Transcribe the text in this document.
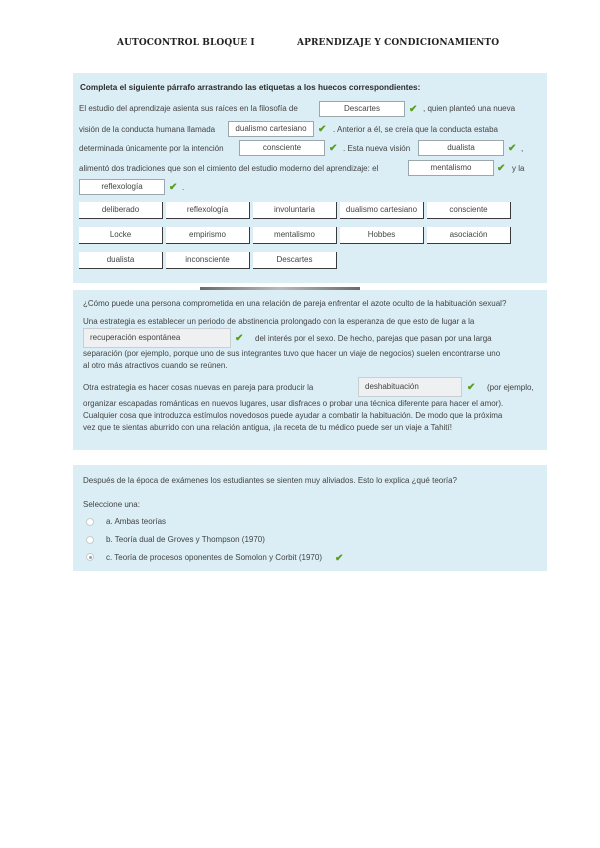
AUTOCONTROL BLOQUE I	APRENDIZAJE Y CONDICIONAMIENTO
Completa el siguiente párrafo arrastrando las etiquetas a los huecos correspondientes:
El estudio del aprendizaje asienta sus raíces en la filosofía de	Descartes	✔ , quien planteó una nueva
visión de la conducta humana llamada	dualismo cartesiano	✔ . Anterior a él, se creía que la conducta estaba
determinada únicamente por la intención	consciente	✔ . Esta nueva visión	dualista	✔ ,
alimentó dos tradiciones que son el cimiento del estudio moderno del aprendizaje: el	mentalismo	✔ y la
reflexología	✔ .
deliberado	reflexología	involuntaria	dualismo cartesiano	consciente
Locke	empirismo	mentalismo	Hobbes	asociación
dualista	inconsciente	Descartes
¿Cómo puede una persona comprometida en una relación de pareja enfrentar el azote oculto de la habituación sexual?
Una estrategia es establecer un periodo de abstinencia prolongado con la esperanza de que esto de lugar a la
recuperación espontánea	✔ del interés por el sexo. De hecho, parejas que pasan por una larga
separación (por ejemplo, porque uno de sus integrantes tuvo que hacer un viaje de negocios) suelen encontrarse uno
al otro más atractivos cuando se reúnen.
Otra estrategia es hacer cosas nuevas en pareja para producir la	deshabituación	✔ (por ejemplo,
organizar escapadas románticas en nuevos lugares, usar disfraces o probar una técnica diferente para hacer el amor).
Cualquier cosa que introduzca estímulos novedosos puede ayudar a combatir la habituación. De modo que la próxima
vez que te sientas aburrido con una relación antigua, ¡la receta de tu médico puede ser un viaje a Tahití!
Después de la época de exámenes los estudiantes se sienten muy aliviados. Esto lo explica ¿qué teoría?
Seleccione una:
a. Ambas teorías
b. Teoría dual de Groves y Thompson (1970)
c. Teoría de procesos oponentes de Somolon y Corbit (1970) ✔
